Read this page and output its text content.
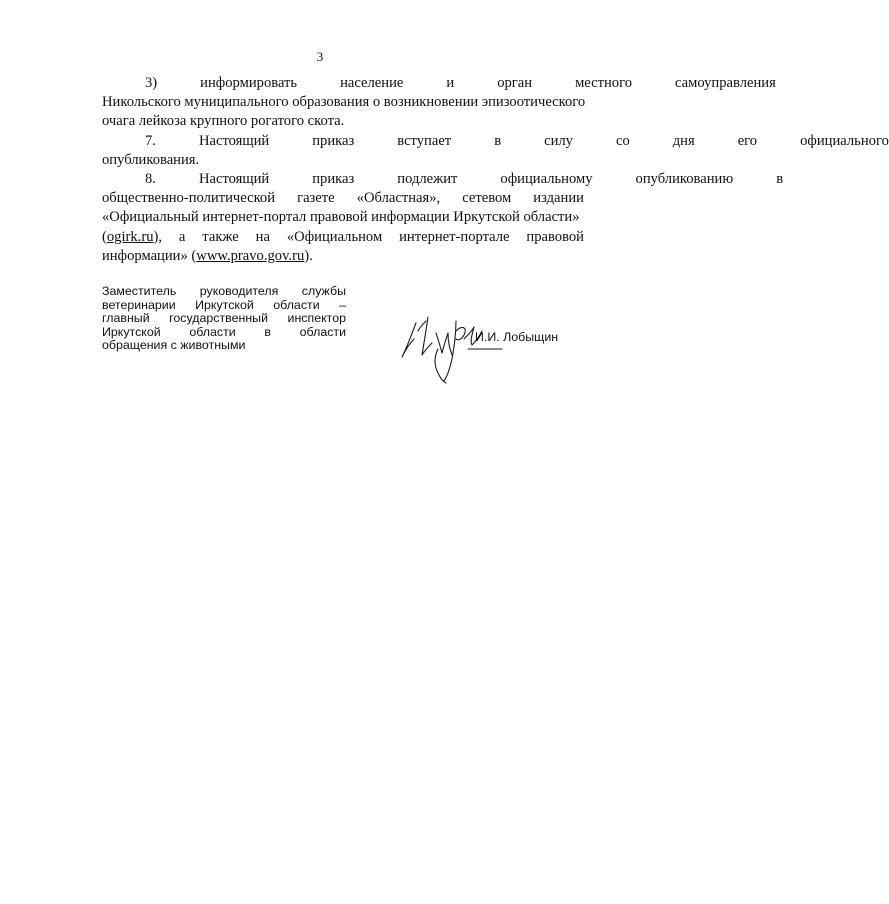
3

3)	информировать	население	и	орган	местного	самоуправления

Никольского муниципального образования о возникновении эпизоотического
очага лейкоза крупного рогатого скота.

7.	Настоящий	приказ	вступает	в	силу	со	дня	его	официального

опубликования.

8.	Настоящий	приказ	подлежит	официальному	опубликованию	в

общественно-политической газете «Областная», сетевом издании
«Официальный интернет-портал правовой информации Иркутской области»
(ogirk.ru), а также на «Официальном интернет-портале правовой
информации» (www.pravo.gov.ru).
Заместитель руководителя службы
ветеринарии Иркутской области –
главный государственный инспектор
Иркутской области в области
обращения с животными
И.И. Лобыщин
